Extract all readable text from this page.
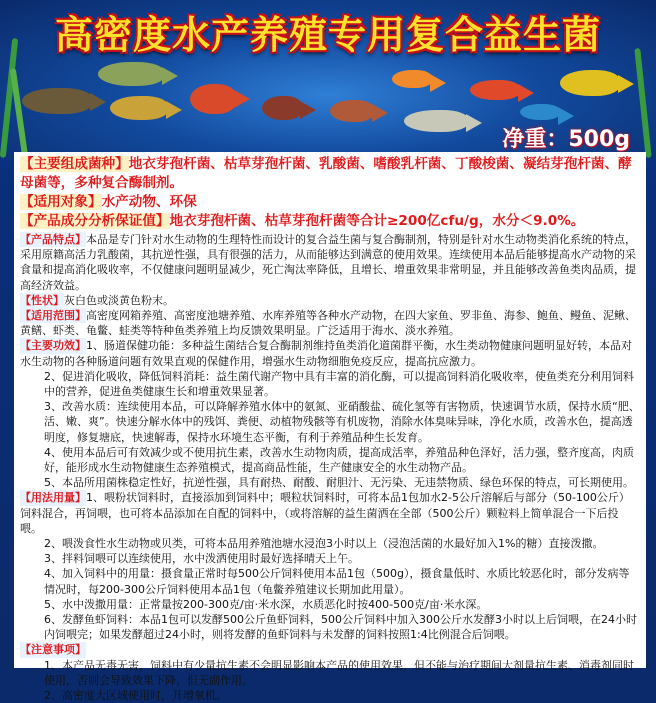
高密度水产养殖专用复合益生菌
净重：500g
【主要组成菌种】地衣芽孢杆菌、枯草芽孢杆菌、乳酸菌、嗜酸乳杆菌、丁酸梭菌、凝结芽孢杆菌、酵母菌等，多种复合酶制剂。
【适用对象】水产动物、环保
【产品成分分析保证值】地衣芽孢杆菌、枯草芽孢杆菌等合计≥200亿cfu/g，水分＜9.0%。
【产品特点】本品是专门针对水生动物的生理特性而设计的复合益生菌与复合酶制剂，特别是针对水生动物类消化系统的特点，采用原籍高活力乳酸菌，其抗逆性强，具有很强的活力，从而能够达到满意的使用效果。连续使用本品后能够提高水产动物的采食量和提高消化吸收率，不仅健康问题明显减少，死亡淘汰率降低，且增长、增重效果非常明显，并且能够改善鱼类肉品质，提高经济效益。
【性状】灰白色或淡黄色粉末。
【适用范围】高密度网箱养殖、高密度池塘养殖、水库养殖等各种水产动物，在四大家鱼、罗非鱼、海参、鲍鱼、鳗鱼、泥鳅、黄鳝、虾类、龟鳖、蛙类等特种鱼类养殖上均反馈效果明显。广泛适用于海水、淡水养殖。
【主要功效】1、肠道保健功能：多种益生菌结合复合酶制剂维持鱼类消化道菌群平衡，水生类动物健康问题明显好转，本品对水生动物的各种肠道问题有效果直观的保健作用，增强水生动物细胞免疫反应，提高抗应激力。
2、促进消化吸收，降低饲料消耗：益生菌代谢产物中具有丰富的消化酶，可以提高饲料消化吸收率，使鱼类充分利用饲料中的营养，促进鱼类健康生长和增重效果显著。
3、改善水质：连续使用本品，可以降解养殖水体中的氨氮、亚硝酸盐、硫化氢等有害物质，快速调节水质，保持水质“肥、活、嫩、爽”。快速分解水体中的残饵、粪便、动植物残骸等有机废物，消除水体臭味异味，净化水质，改善水色，提高透明度，修复塘底，快速解毒，保持水环境生态平衡，有利于养殖品种生长发育。
4、使用本品后可有效减少或不使用抗生素，改善水生动物肉质，提高成活率，养殖品种色泽好，活力强，整齐度高，肉质好，能形成水生动物健康生态养殖模式，提高商品性能，生产健康安全的水生动物产品。
5、本品所用菌株稳定性好，抗逆性强，具有耐热、耐酸、耐胆汁、无污染、无违禁物质、绿色环保的特点，可长期使用。
【用法用量】1、喂粉状饲料时，直接添加到饲料中；喂粒状饲料时，可将本品1包加水2-5公斤溶解后与部分（50-100公斤）饲料混合，再饲喂，也可将本品添加在自配的饲料中，（或将溶解的益生菌洒在全部（500公斤）颗粒料上简单混合一下后投喂。
2、喂泼食性水生动物或贝类，可将本品用养殖池塘水浸泡3小时以上（浸泡活菌的水最好加入1%的糖）直接泼撒。
3、拌料饲喂可以连续使用，水中泼洒使用时最好选择晴天上午。
4、加入饲料中的用量：摄食量正常时每500公斤饲料使用本品1包（500g），摄食量低时、水质比较恶化时，部分发病等情况时，每200-300公斤饲料使用本品1包（龟鳖养殖建议长期加此用量）。
5、水中泼撒用量：正常量按200-300克/亩·米水深，水质恶化时按400-500克/亩·米水深。
6、发酵鱼虾饲料：本品1包可以发酵500公斤鱼虾饲料，500公斤饲料中加入300公斤水发酵3小时以上后饲喂，在24小时内饲喂完；如果发酵超过24小时，则将发酵的鱼虾饲料与未发酵的饲料按照1:4比例混合后饲喂。
【注意事项】
1、本产品无毒无害，饲料中有少量抗生素不会明显影响本产品的使用效果，但不能与治疗期间大剂量抗生素、消毒剂同时使用，否则会导致效果下降，但无副作用。
2、高密度大区域使用时，开增氧机。
